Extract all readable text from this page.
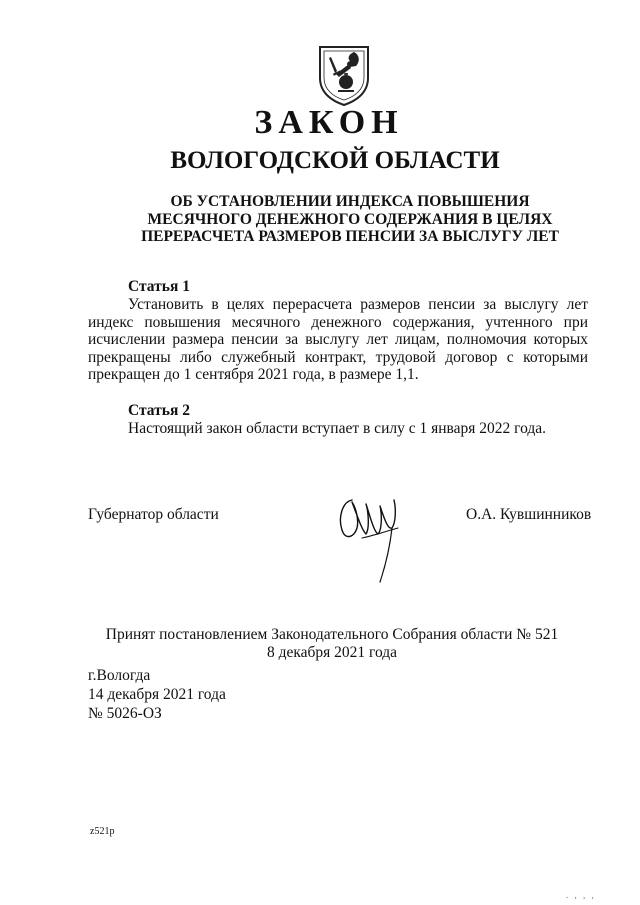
ЗАКОН
ВОЛОГОДСКОЙ ОБЛАСТИ
ОБ УСТАНОВЛЕНИИ ИНДЕКСА ПОВЫШЕНИЯ
МЕСЯЧНОГО ДЕНЕЖНОГО СОДЕРЖАНИЯ В ЦЕЛЯХ
ПЕРЕРАСЧЕТА РАЗМЕРОВ ПЕНСИИ ЗА ВЫСЛУГУ ЛЕТ
Статья 1
Установить в целях перерасчета размеров пенсии за выслугу лет индекс повышения месячного денежного содержания, учтенного при исчислении размера пенсии за выслугу лет лицам, полномочия которых прекращены либо служебный контракт, трудовой договор с которыми прекращен до 1 сентября 2021 года, в размере 1,1.
Статья 2
Настоящий закон области вступает в силу с 1 января 2022 года.
Губернатор области	О.А. Кувшинников
Принят постановлением Законодательного Собрания области № 521
8 декабря 2021 года
г.Вологда
14 декабря 2021 года
№ 5026-ОЗ
z521р
. , , ,
